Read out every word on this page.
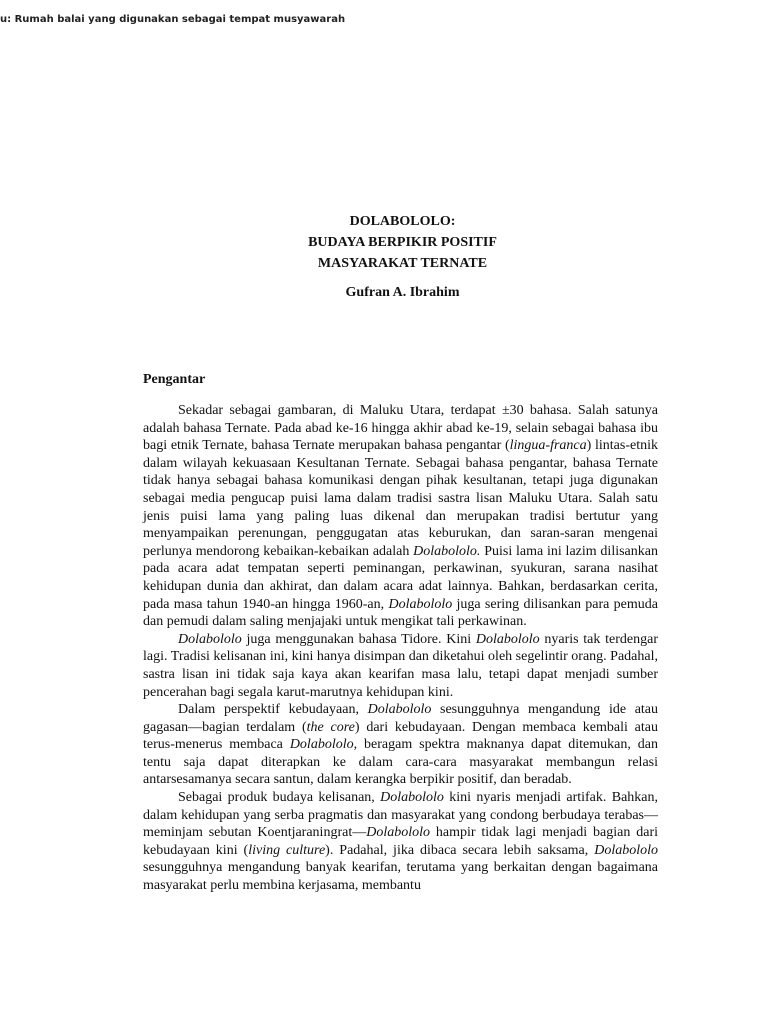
u: Rumah balai yang digunakan sebagai tempat musyawarah
DOLABOLOLO:
BUDAYA BERPIKIR POSITIF
MASYARAKAT TERNATE
Gufran A. Ibrahim
Pengantar

Sekadar sebagai gambaran, di Maluku Utara, terdapat ±30 bahasa. Salah satunya adalah bahasa Ternate. Pada abad ke-16 hingga akhir abad ke-19, selain sebagai bahasa ibu bagi etnik Ternate, bahasa Ternate merupakan bahasa pengantar (lingua-franca) lintas-etnik dalam wilayah kekuasaan Kesultanan Ternate. Sebagai bahasa pengantar, bahasa Ternate tidak hanya sebagai bahasa komunikasi dengan pihak kesultanan, tetapi juga digunakan sebagai media pengucap puisi lama dalam tradisi sastra lisan Maluku Utara. Salah satu jenis puisi lama yang paling luas dikenal dan merupakan tradisi bertutur yang menyampaikan perenungan, penggugatan atas keburukan, dan saran-saran mengenai perlunya mendorong kebaikan-kebaikan adalah Dolabololo. Puisi lama ini lazim dilisankan pada acara adat tempatan seperti peminangan, perkawinan, syukuran, sarana nasihat kehidupan dunia dan akhirat, dan dalam acara adat lainnya. Bahkan, berdasarkan cerita, pada masa tahun 1940-an hingga 1960-an, Dolabololo juga sering dilisankan para pemuda dan pemudi dalam saling menjajaki untuk mengikat tali perkawinan.

Dolabololo juga menggunakan bahasa Tidore. Kini Dolabololo nyaris tak terdengar lagi. Tradisi kelisanan ini, kini hanya disimpan dan diketahui oleh segelintir orang. Padahal, sastra lisan ini tidak saja kaya akan kearifan masa lalu, tetapi dapat menjadi sumber pencerahan bagi segala karut-marutnya kehidupan kini.

Dalam perspektif kebudayaan, Dolabololo sesungguhnya mengandung ide atau gagasan—bagian terdalam (the core) dari kebudayaan. Dengan membaca kembali atau terus-menerus membaca Dolabololo, beragam spektra maknanya dapat ditemukan, dan tentu saja dapat diterapkan ke dalam cara-cara masyarakat membangun relasi antarsesamanya secara santun, dalam kerangka berpikir positif, dan beradab.

Sebagai produk budaya kelisanan, Dolabololo kini nyaris menjadi artifak. Bahkan, dalam kehidupan yang serba pragmatis dan masyarakat yang condong berbudaya terabas—meminjam sebutan Koentjaraningrat—Dolabololo hampir tidak lagi menjadi bagian dari kebudayaan kini (living culture). Padahal, jika dibaca secara lebih saksama, Dolabololo sesungguhnya mengandung banyak kearifan, terutama yang berkaitan dengan bagaimana masyarakat perlu membina kerjasama, membantu
